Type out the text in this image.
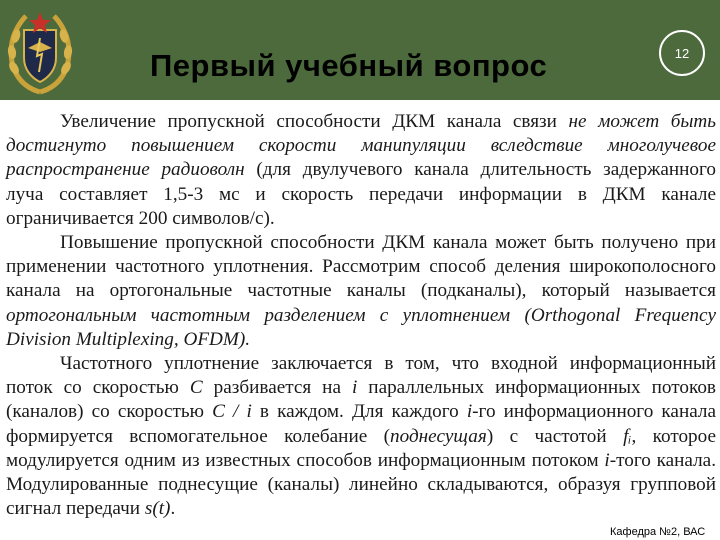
Первый учебный вопрос	12

Увеличение пропускной способности ДКМ канала связи не может быть достигнуто повышением скорости манипуляции вследствие многолучевое распространение радиоволн (для двулучевого канала длительность задержанного луча составляет 1,5-3 мс и скорость передачи информации в ДКМ канале ограничивается 200 символов/с).

Повышение пропускной способности ДКМ канала может быть получено при применении частотного уплотнения. Рассмотрим способ деления широкополосного канала на ортогональные частотные каналы (подканалы), который называется ортогональным частотным разделением с уплотнением (Orthogonal Frequency Division Multiplexing, OFDM).

Частотного уплотнение заключается в том, что входной информационный поток со скоростью C разбивается на i параллельных информационных потоков (каналов) со скоростью C / i в каждом. Для каждого i-го информационного канала формируется вспомогательное колебание (поднесущая) с частотой fᵢ, которое модулируется одним из известных способов информационным потоком i-того канала. Модулированные поднесущие (каналы) линейно складываются, образуя групповой сигнал передачи s(t).

Кафедра №2, ВАС
